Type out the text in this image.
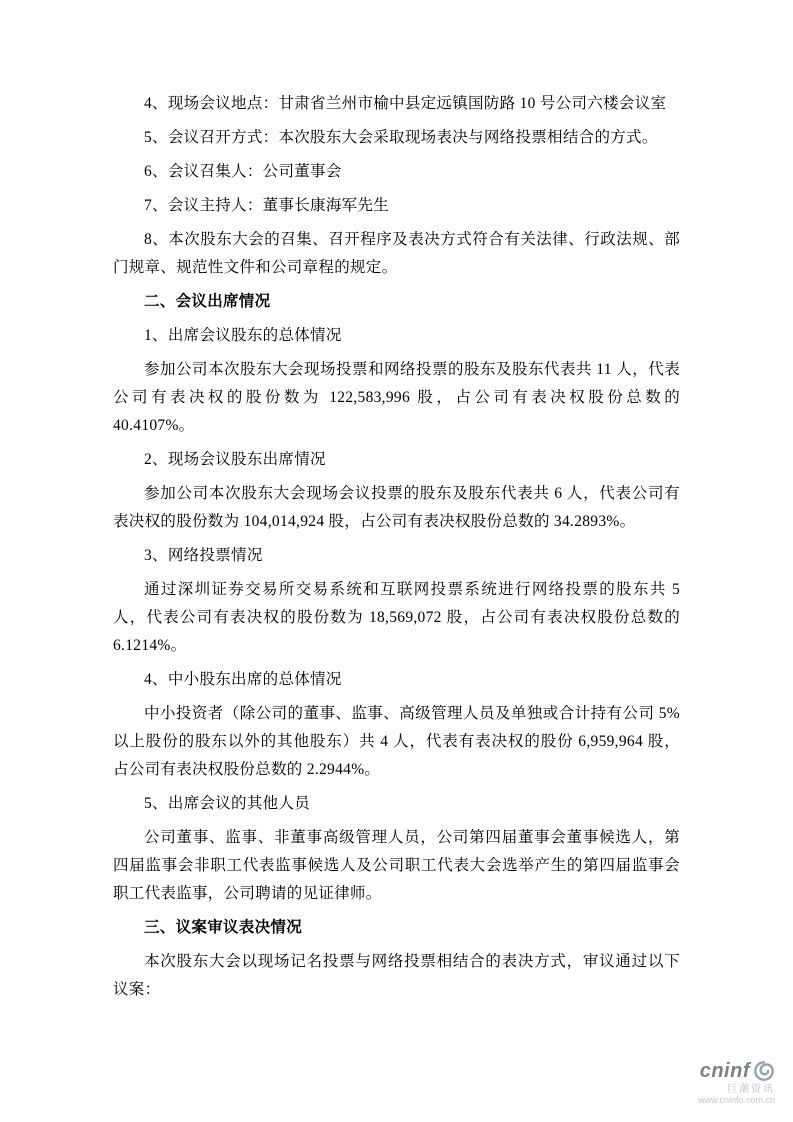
4、现场会议地点：甘肃省兰州市榆中县定远镇国防路 10 号公司六楼会议室

5、会议召开方式：本次股东大会采取现场表决与网络投票相结合的方式。

6、会议召集人：公司董事会

7、会议主持人：董事长康海军先生

8、本次股东大会的召集、召开程序及表决方式符合有关法律、行政法规、部门规章、规范性文件和公司章程的规定。

二、会议出席情况

1、出席会议股东的总体情况

参加公司本次股东大会现场投票和网络投票的股东及股东代表共 11 人，代表公司有表决权的股份数为 122,583,996 股，占公司有表决权股份总数的 40.4107%。

2、现场会议股东出席情况

参加公司本次股东大会现场会议投票的股东及股东代表共 6 人，代表公司有表决权的股份数为 104,014,924 股，占公司有表决权股份总数的 34.2893%。

3、网络投票情况

通过深圳证券交易所交易系统和互联网投票系统进行网络投票的股东共 5 人，代表公司有表决权的股份数为 18,569,072 股，占公司有表决权股份总数的 6.1214%。

4、中小股东出席的总体情况

中小投资者（除公司的董事、监事、高级管理人员及单独或合计持有公司 5% 以上股份的股东以外的其他股东）共 4 人，代表有表决权的股份 6,959,964 股， 占公司有表决权股份总数的 2.2944%。

5、出席会议的其他人员

公司董事、监事、非董事高级管理人员，公司第四届董事会董事候选人，第四届监事会非职工代表监事候选人及公司职工代表大会选举产生的第四届监事会职工代表监事，公司聘请的见证律师。

三、议案审议表决情况

本次股东大会以现场记名投票与网络投票相结合的表决方式，审议通过以下议案：

cninf
巨潮资讯
www.cninfo.com.cn
